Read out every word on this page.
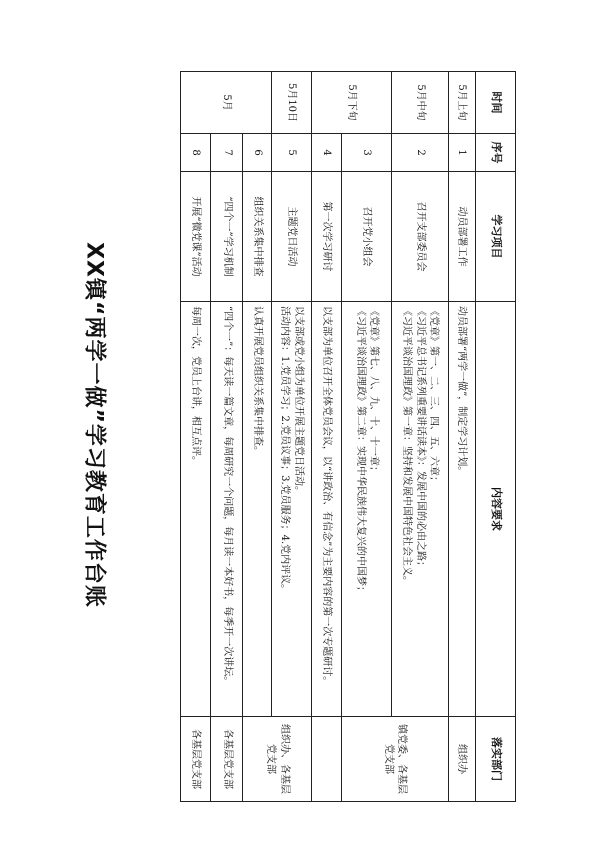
XX镇“两学一做”学习教育工作台账
时间	序号	学习项目	内容要求	落实部门
5月上旬	1	动员部署工作	动员部署“两学一做”，制定学习计划。	组织办
5月中旬	2	召开支部委员会	《党章》第一、二、三、四、五、六章；
《习近平总书记系列重要讲话读本》：发展中国的必由之路；
《习近平谈治国理政》第一章：坚持和发展中国特色社会主义。	镇党委、各基层党支部
5月下旬	3	召开党小组会	《党章》第七、八、九、十、十一章；
《习近平谈治国理政》第二章：实现中华民族伟大复兴的中国梦；	

	4	第一次学习研讨	以支部为单位召开全体党员会议，以“讲政治、有信念”为主要内容的第一次专题研讨。	

5月10日	5	主题党日活动	以支部或党小组为单位开展主题党日活动。
活动内容：1.党员学习；2.党员议事；3.党员服务；4.党内评议。	组织办、各基层党支部
5月	6	组织关系集中排查	认真开展党员组织关系集中排查。	

	7	“四个一”学习机制	“四个一”：每天读一篇文章，每周研究一个问题，每月读一本好书，每季开一次讲坛。	各基层党支部
	8	开展“微党课”活动	每周一次，党员上台讲，相互点评。	各基层党支部
